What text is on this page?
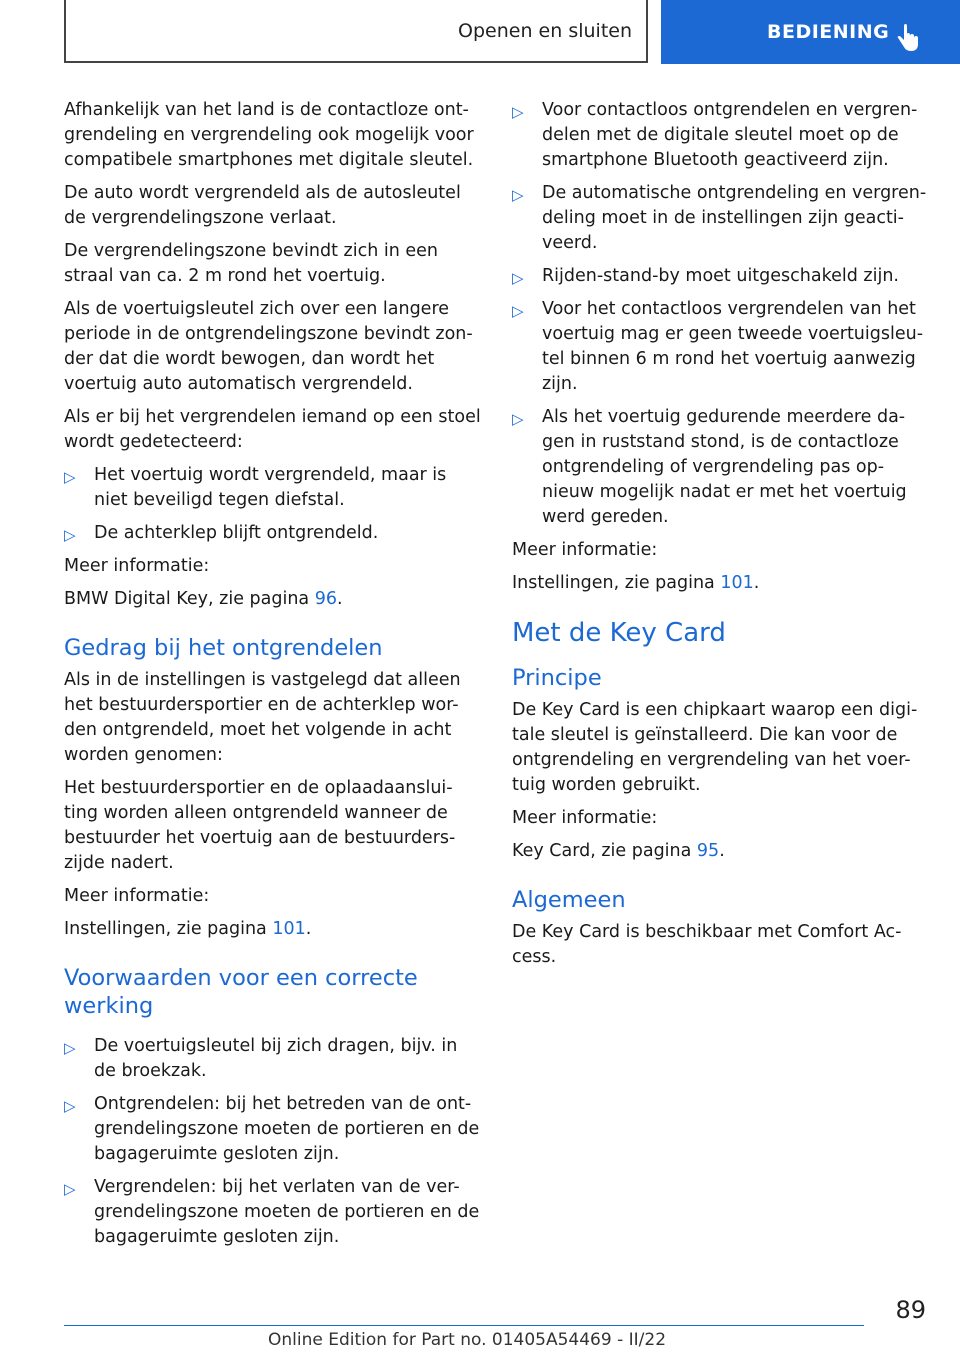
Openen en sluiten	BEDIENING

Afhankelijk van het land is de contactloze ont-grendeling en vergrendeling ook mogelijk voor compatibele smartphones met digitale sleutel.

De auto wordt vergrendeld als de autosleutel de vergrendelingszone verlaat.

De vergrendelingszone bevindt zich in een straal van ca. 2 m rond het voertuig.

Als de voertuigsleutel zich over een langere periode in de ontgrendelingszone bevindt zon-der dat die wordt bewogen, dan wordt het voertuig auto automatisch vergrendeld.

Als er bij het vergrendelen iemand op een stoel wordt gedetecteerd:

▷ Het voertuig wordt vergrendeld, maar is niet beveiligd tegen diefstal.
▷ De achterklep blijft ontgrendeld.

Meer informatie:

BMW Digital Key, zie pagina 96.

Gedrag bij het ontgrendelen

Als in de instellingen is vastgelegd dat alleen het bestuurdersportier en de achterklep wor-den ontgrendeld, moet het volgende in acht worden genomen:

Het bestuurdersportier en de oplaadaanslui-ting worden alleen ontgrendeld wanneer de bestuurder het voertuig aan de bestuurders-zijde nadert.

Meer informatie:

Instellingen, zie pagina 101.

Voorwaarden voor een correcte werking
▷ De voertuigsleutel bij zich dragen, bijv. in de broekzak.
▷ Ontgrendelen: bij het betreden van de ont-grendelingszone moeten de portieren en de bagageruimte gesloten zijn.
▷ Vergrendelen: bij het verlaten van de ver-grendelingszone moeten de portieren en de bagageruimte gesloten zijn.
▷ Voor contactloos ontgrendelen en vergren-delen met de digitale sleutel moet op de smartphone Bluetooth geactiveerd zijn.
▷ De automatische ontgrendeling en vergren-deling moet in de instellingen zijn geacti-veerd.
▷ Rijden-stand-by moet uitgeschakeld zijn.
▷ Voor het contactloos vergrendelen van het voertuig mag er geen tweede voertuigsleu-tel binnen 6 m rond het voertuig aanwezig zijn.
▷ Als het voertuig gedurende meerdere da-gen in ruststand stond, is de contactloze ontgrendeling of vergrendeling pas op-nieuw mogelijk nadat er met het voertuig werd gereden.

Meer informatie:

Instellingen, zie pagina 101.

Met de Key Card
Principe

De Key Card is een chipkaart waarop een digi-tale sleutel is geïnstalleerd. Die kan voor de ontgrendeling en vergrendeling van het voer-tuig worden gebruikt.

Meer informatie:

Key Card, zie pagina 95.

Algemeen

De Key Card is beschikbaar met Comfort Ac-cess.

89
Online Edition for Part no. 01405A54469 - II/22
